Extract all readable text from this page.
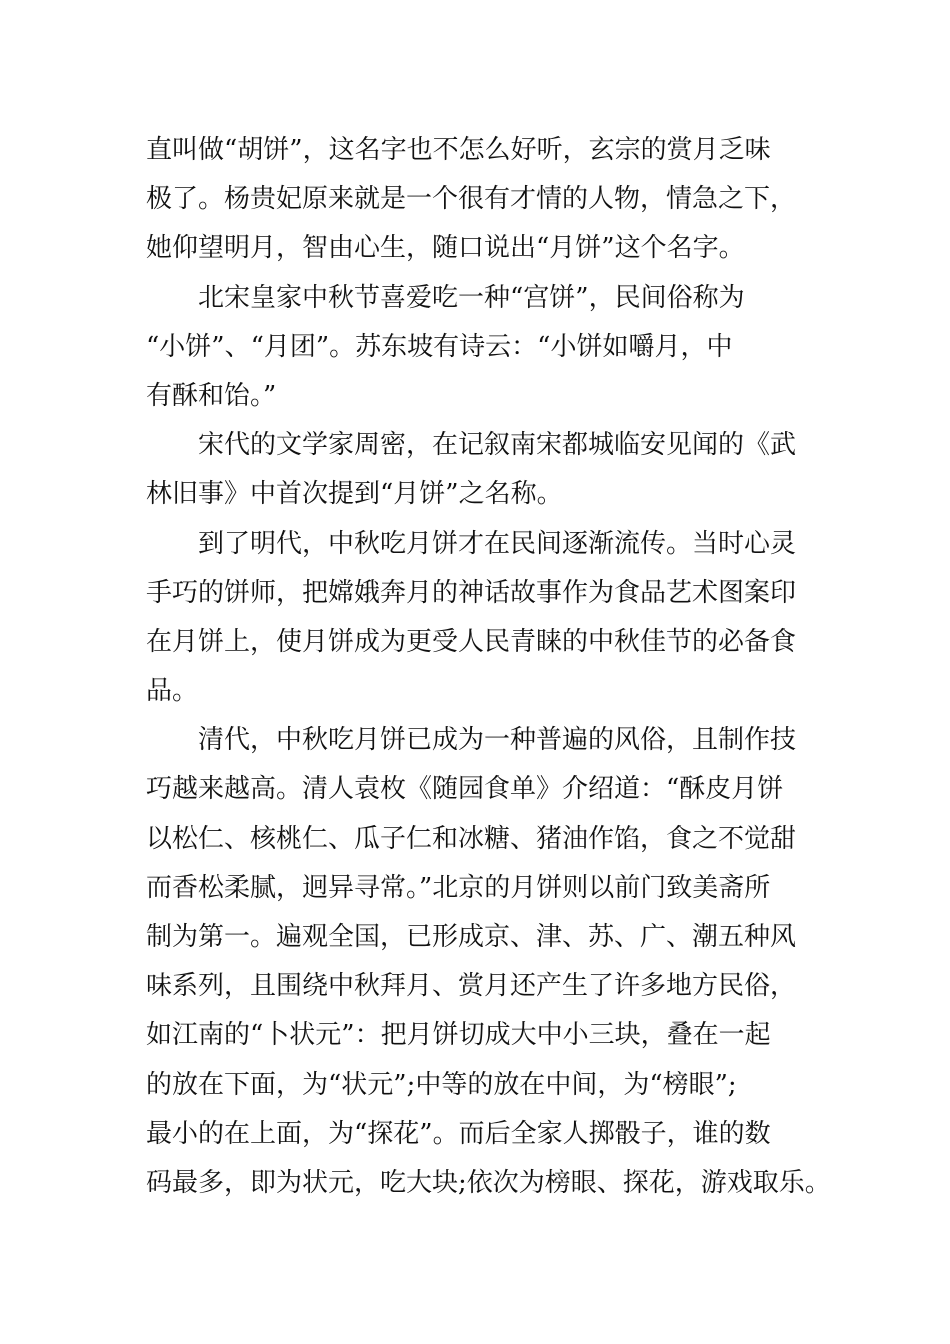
直叫做“胡饼”，这名字也不怎么好听，玄宗的赏月乏味
极了。杨贵妃原来就是一个很有才情的人物，情急之下，
她仰望明月，智由心生，随口说出“月饼”这个名字。
北宋皇家中秋节喜爱吃一种“宫饼”，民间俗称为
“小饼”、“月团”。苏东坡有诗云：“小饼如嚼月，中
有酥和饴。”
宋代的文学家周密，在记叙南宋都城临安见闻的《武
林旧事》中首次提到“月饼”之名称。
到了明代，中秋吃月饼才在民间逐渐流传。当时心灵
手巧的饼师，把嫦娥奔月的神话故事作为食品艺术图案印
在月饼上，使月饼成为更受人民青睐的中秋佳节的必备食
品。
清代，中秋吃月饼已成为一种普遍的风俗，且制作技
巧越来越高。清人袁枚《随园食单》介绍道：“酥皮月饼
以松仁、核桃仁、瓜子仁和冰糖、猪油作馅，食之不觉甜
而香松柔腻，迥异寻常。”北京的月饼则以前门致美斋所
制为第一。遍观全国，已形成京、津、苏、广、潮五种风
味系列，且围绕中秋拜月、赏月还产生了许多地方民俗，
如江南的“卜状元”：把月饼切成大中小三块，叠在一起
的放在下面，为“状元”;中等的放在中间，为“榜眼”;
最小的在上面，为“探花”。而后全家人掷骰子，谁的数
码最多，即为状元，吃大块;依次为榜眼、探花，游戏取乐。
